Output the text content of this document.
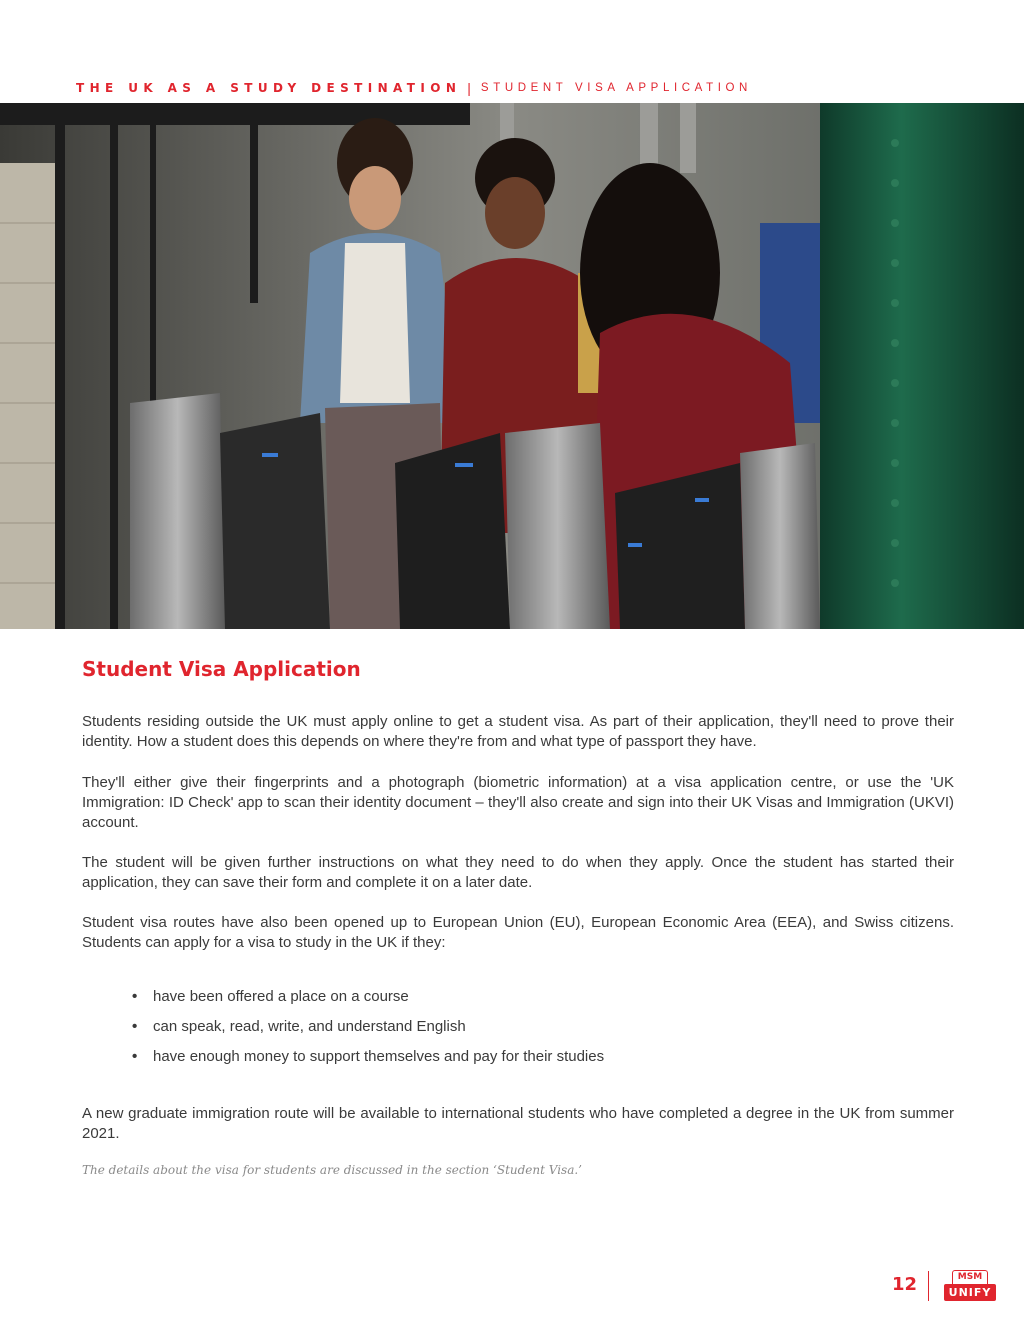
THE UK AS A STUDY DESTINATION | STUDENT VISA APPLICATION
Student Visa Application

Students residing outside the UK must apply online to get a student visa. As part of their application, they'll need to prove their identity. How a student does this depends on where they're from and what type of passport they have.

They'll either give their fingerprints and a photograph (biometric information) at a visa application centre, or use the 'UK Immigration: ID Check' app to scan their identity document – they'll also create and sign into their UK Visas and Immigration (UKVI) account.

The student will be given further instructions on what they need to do when they apply. Once the student has started their application, they can save their form and complete it on a later date.

Student visa routes have also been opened up to European Union (EU), European Economic Area (EEA), and Swiss citizens. Students can apply for a visa to study in the UK if they:

•	have been offered a place on a course
•	can speak, read, write, and understand English
•	have enough money to support themselves and pay for their studies

A new graduate immigration route will be available to international students who have completed a degree in the UK from summer 2021.

The details about the visa for students are discussed in the section ‘Student Visa.’

12	MSM
UNIFY
